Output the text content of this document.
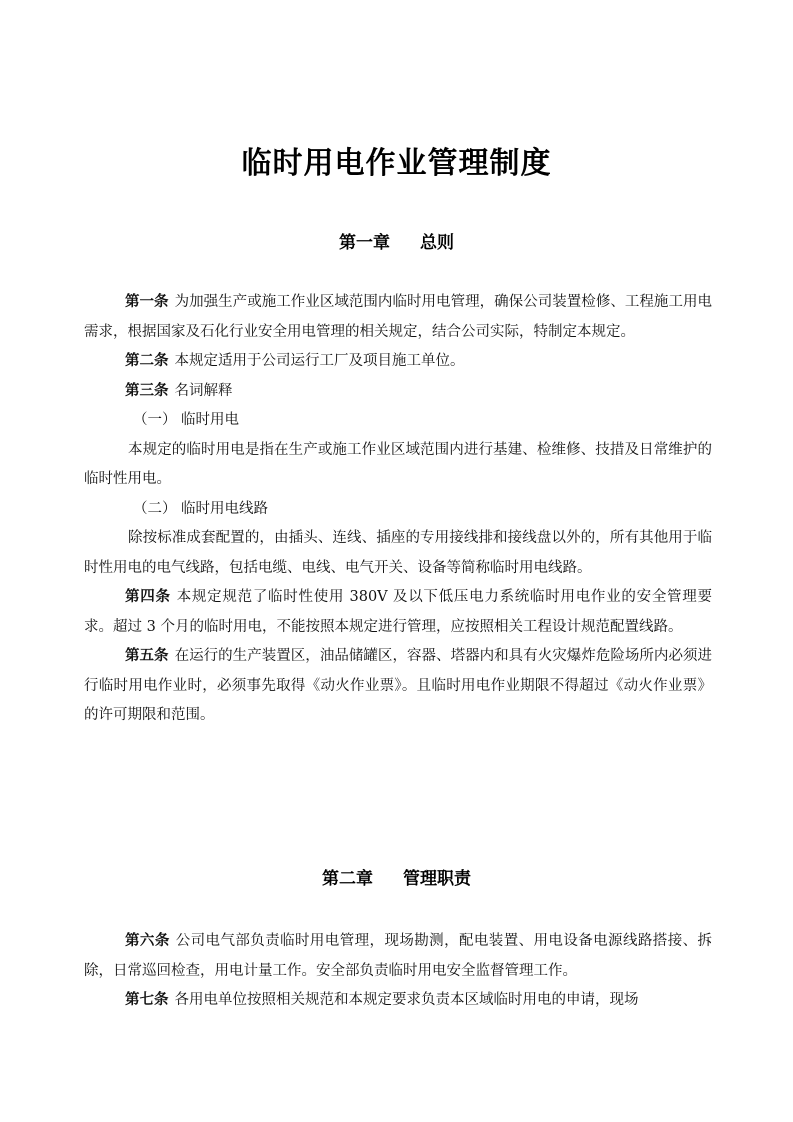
临时用电作业管理制度
第一章 总则

第一条 为加强生产或施工作业区域范围内临时用电管理，确保公司装置检修、工程施工用电需求，根据国家及石化行业安全用电管理的相关规定，结合公司实际，特制定本规定。

第二条 本规定适用于公司运行工厂及项目施工单位。

第三条 名词解释

（一） 临时用电

本规定的临时用电是指在生产或施工作业区域范围内进行基建、检维修、技措及日常维护的临时性用电。

（二） 临时用电线路

除按标准成套配置的，由插头、连线、插座的专用接线排和接线盘以外的，所有其他用于临时性用电的电气线路，包括电缆、电线、电气开关、设备等简称临时用电线路。

第四条 本规定规范了临时性使用 380V 及以下低压电力系统临时用电作业的安全管理要求。超过 3 个月的临时用电，不能按照本规定进行管理，应按照相关工程设计规范配置线路。

第五条 在运行的生产装置区，油品储罐区，容器、塔器内和具有火灾爆炸危险场所内必须进行临时用电作业时，必须事先取得《动火作业票》。且临时用电作业期限不得超过《动火作业票》的许可期限和范围。

第二章 管理职责

第六条 公司电气部负责临时用电管理，现场勘测，配电装置、用电设备电源线路搭接、拆除，日常巡回检查，用电计量工作。安全部负责临时用电安全监督管理工作。

第七条 各用电单位按照相关规范和本规定要求负责本区域临时用电的申请，现场
